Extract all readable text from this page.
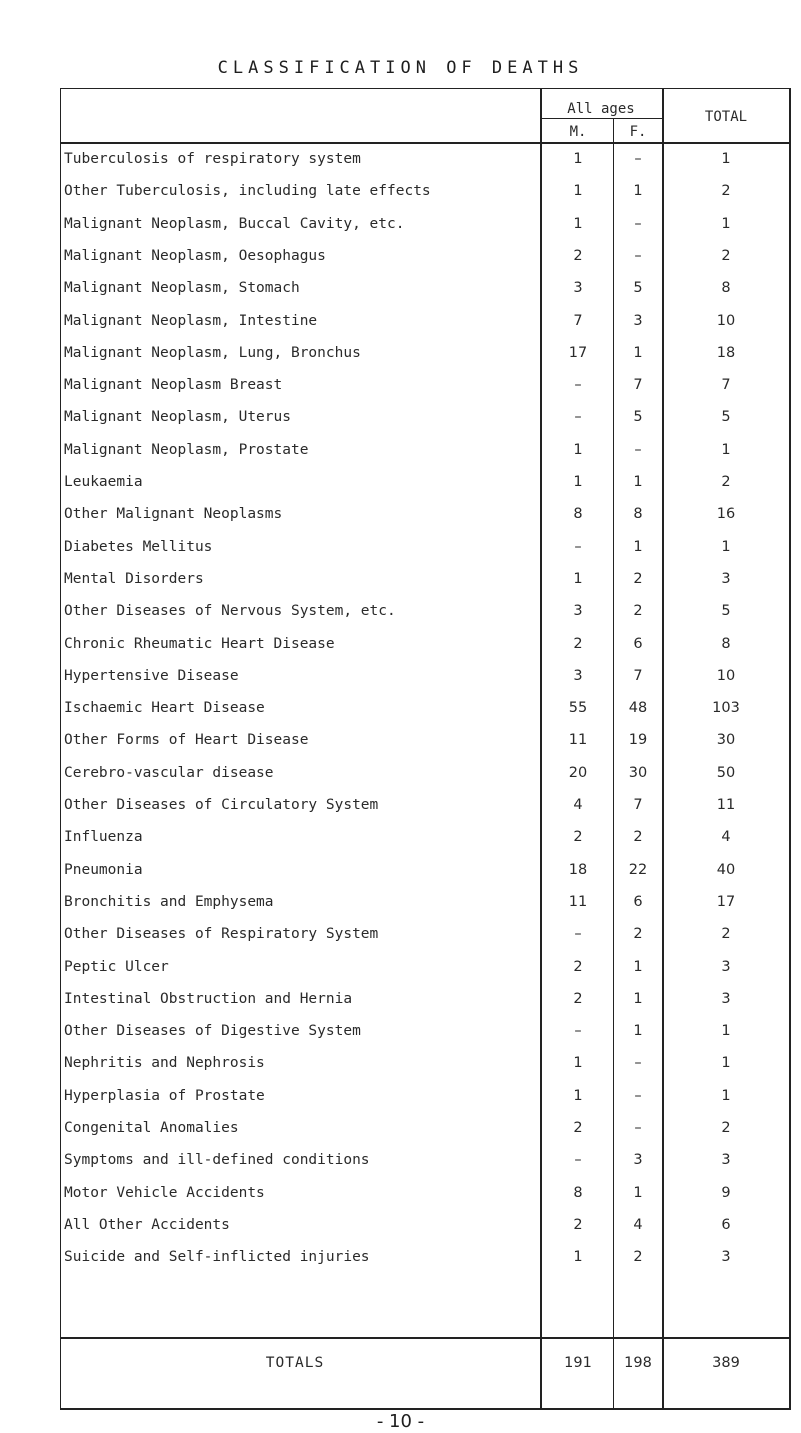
CLASSIFICATION OF DEATHS
All ages	TOTAL
M.	F.
Tuberculosis of respiratory system	1	–	1
Other Tuberculosis, including late effects	1	1	2
Malignant Neoplasm, Buccal Cavity, etc.	1	–	1
Malignant Neoplasm, Oesophagus	2	–	2
Malignant Neoplasm, Stomach	3	5	8
Malignant Neoplasm, Intestine	7	3	10
Malignant Neoplasm, Lung, Bronchus	17	1	18
Malignant Neoplasm Breast	–	7	7
Malignant Neoplasm, Uterus	–	5	5
Malignant Neoplasm, Prostate	1	–	1
Leukaemia	1	1	2
Other Malignant Neoplasms	8	8	16
Diabetes Mellitus	–	1	1
Mental Disorders	1	2	3
Other Diseases of Nervous System, etc.	3	2	5
Chronic Rheumatic Heart Disease	2	6	8
Hypertensive Disease	3	7	10
Ischaemic Heart Disease	55	48	103
Other Forms of Heart Disease	11	19	30
Cerebro-vascular disease	20	30	50
Other Diseases of Circulatory System	4	7	11
Influenza	2	2	4
Pneumonia	18	22	40
Bronchitis and Emphysema	11	6	17
Other Diseases of Respiratory System	–	2	2
Peptic Ulcer	2	1	3
Intestinal Obstruction and Hernia	2	1	3
Other Diseases of Digestive System	–	1	1
Nephritis and Nephrosis	1	–	1
Hyperplasia of Prostate	1	–	1
Congenital Anomalies	2	–	2
Symptoms and ill-defined conditions	–	3	3
Motor Vehicle Accidents	8	1	9
All Other Accidents	2	4	6
Suicide and Self-inflicted injuries	1	2	3
TOTALS	191	198	389
- 10 -
